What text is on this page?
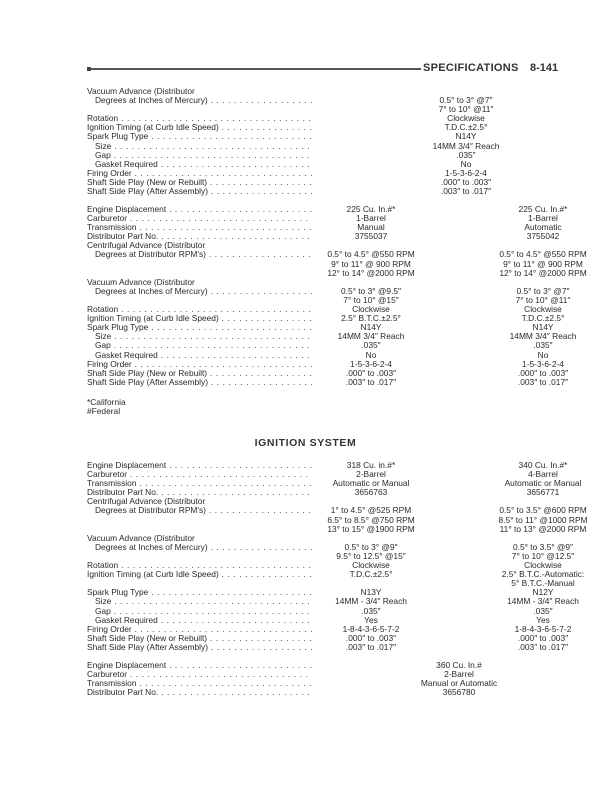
SPECIFICATIONS 8-141
Vacuum Advance (Distributor
Degrees at Inches of Mercury) . . .	0.5° to 3° @7″
7° to 10° @11″
Rotation . . .	Clockwise
Ignition Timing (at Curb Idle Speed) . . .	T.D.C.±2.5°
Spark Plug Type . . .	N14Y
Size . . .	14MM 3/4″ Reach
Gap . . .	.035″
Gasket Required . . .	No
Firing Order . . .	1-5-3-6-2-4
Shaft Side Play (New or Rebuilt) . . .	.000″ to .003″
Shaft Side Play (After Assembly) . . .	.003″ to .017″
Engine Displacement . . .	225 Cu. In.#*	225 Cu. In.#*
Carburetor . . .	1-Barrel	1-Barrel
Transmission . . .	Manual	Automatic
Distributor Part No. . . .	3755037	3755042
Centrifugal Advance (Distributor
Degrees at Distributor RPM's) . . .	0.5° to 4.5° @550 RPM	0.5° to 4.5° @550 RPM
9° to 11° @ 900 RPM	9° to 11° @ 900 RPM
12° to 14° @2000 RPM	12° to 14° @2000 RPM
Vacuum Advance (Distributor
Degrees at Inches of Mercury) . . .	0.5° to 3° @9.5″	0.5° to 3° @7″
7° to 10° @15″	7° to 10° @11″
Rotation . . .	Clockwise	Clockwise
Ignition Timing (at Curb Idle Speed) . . .	2.5° B.T.C.±2.5°	T.D.C.±2.5°
Spark Plug Type . . .	N14Y	N14Y
Size . . .	14MM 3/4″ Reach	14MM 3/4″ Reach
Gap . . .	.035″	.035″
Gasket Required . . .	No	No
Firing Order . . .	1-5-3-6-2-4	1-5-3-6-2-4
Shaft Side Play (New or Rebuilt) . . .	.000″ to .003″	.000″ to .003″
Shaft Side Play (After Assembly) . . .	.003″ to .017″	.003″ to .017″
*California
#Federal
IGNITION SYSTEM
Engine Displacement . . .	318 Cu. in.#*	340 Cu. In.#*
Carburetor . . .	2-Barrel	4-Barrel
Transmission . . .	Automatic or Manual	Automatic or Manual
Distributor Part No. . . .	3656763	3656771
Centrifugal Advance (Distributor
Degrees at Distributor RPM's) . . .	1° to 4.5° @525 RPM	0.5° to 3.5° @600 RPM
6.5° to 8.5° @750 RPM	8.5° to 11° @1000 RPM
13° to 15° @1900 RPM	11° to 13° @2000 RPM
Vacuum Advance (Distributor
Degrees at Inches of Mercury) . . .	0.5° to 3° @9″	0.5° to 3.5° @9″
9.5° to 12.5° @15″	7° to 10° @12.5″
Rotation . . .	Clockwise	Clockwise
Ignition Timing (at Curb Idle Speed) . . .	T.D.C.±2.5°	2.5° B.T.C.-Automatic:
5° B.T.C.-Manual
Spark Plug Type . . .	N13Y	N12Y
Size . . .	14MM - 3/4″ Reach	14MM - 3/4″ Reach
Gap . . .	.035″	.035″
Gasket Required . . .	Yes	Yes
Firing Order . . .	1-8-4-3-6-5-7-2	1-8-4-3-6-5-7-2
Shaft Side Play (New or Rebuilt) . . .	.000″ to .003″	.000″ to .003″
Shaft Side Play (After Assembly) . . .	.003″ to .017″	.003″ to .017″
Engine Displacement . . .	360 Cu. In.#
Carburetor . . .	2-Barrel
Transmission . . .	Manual or Automatic
Distributor Part No. . . .	3656780
